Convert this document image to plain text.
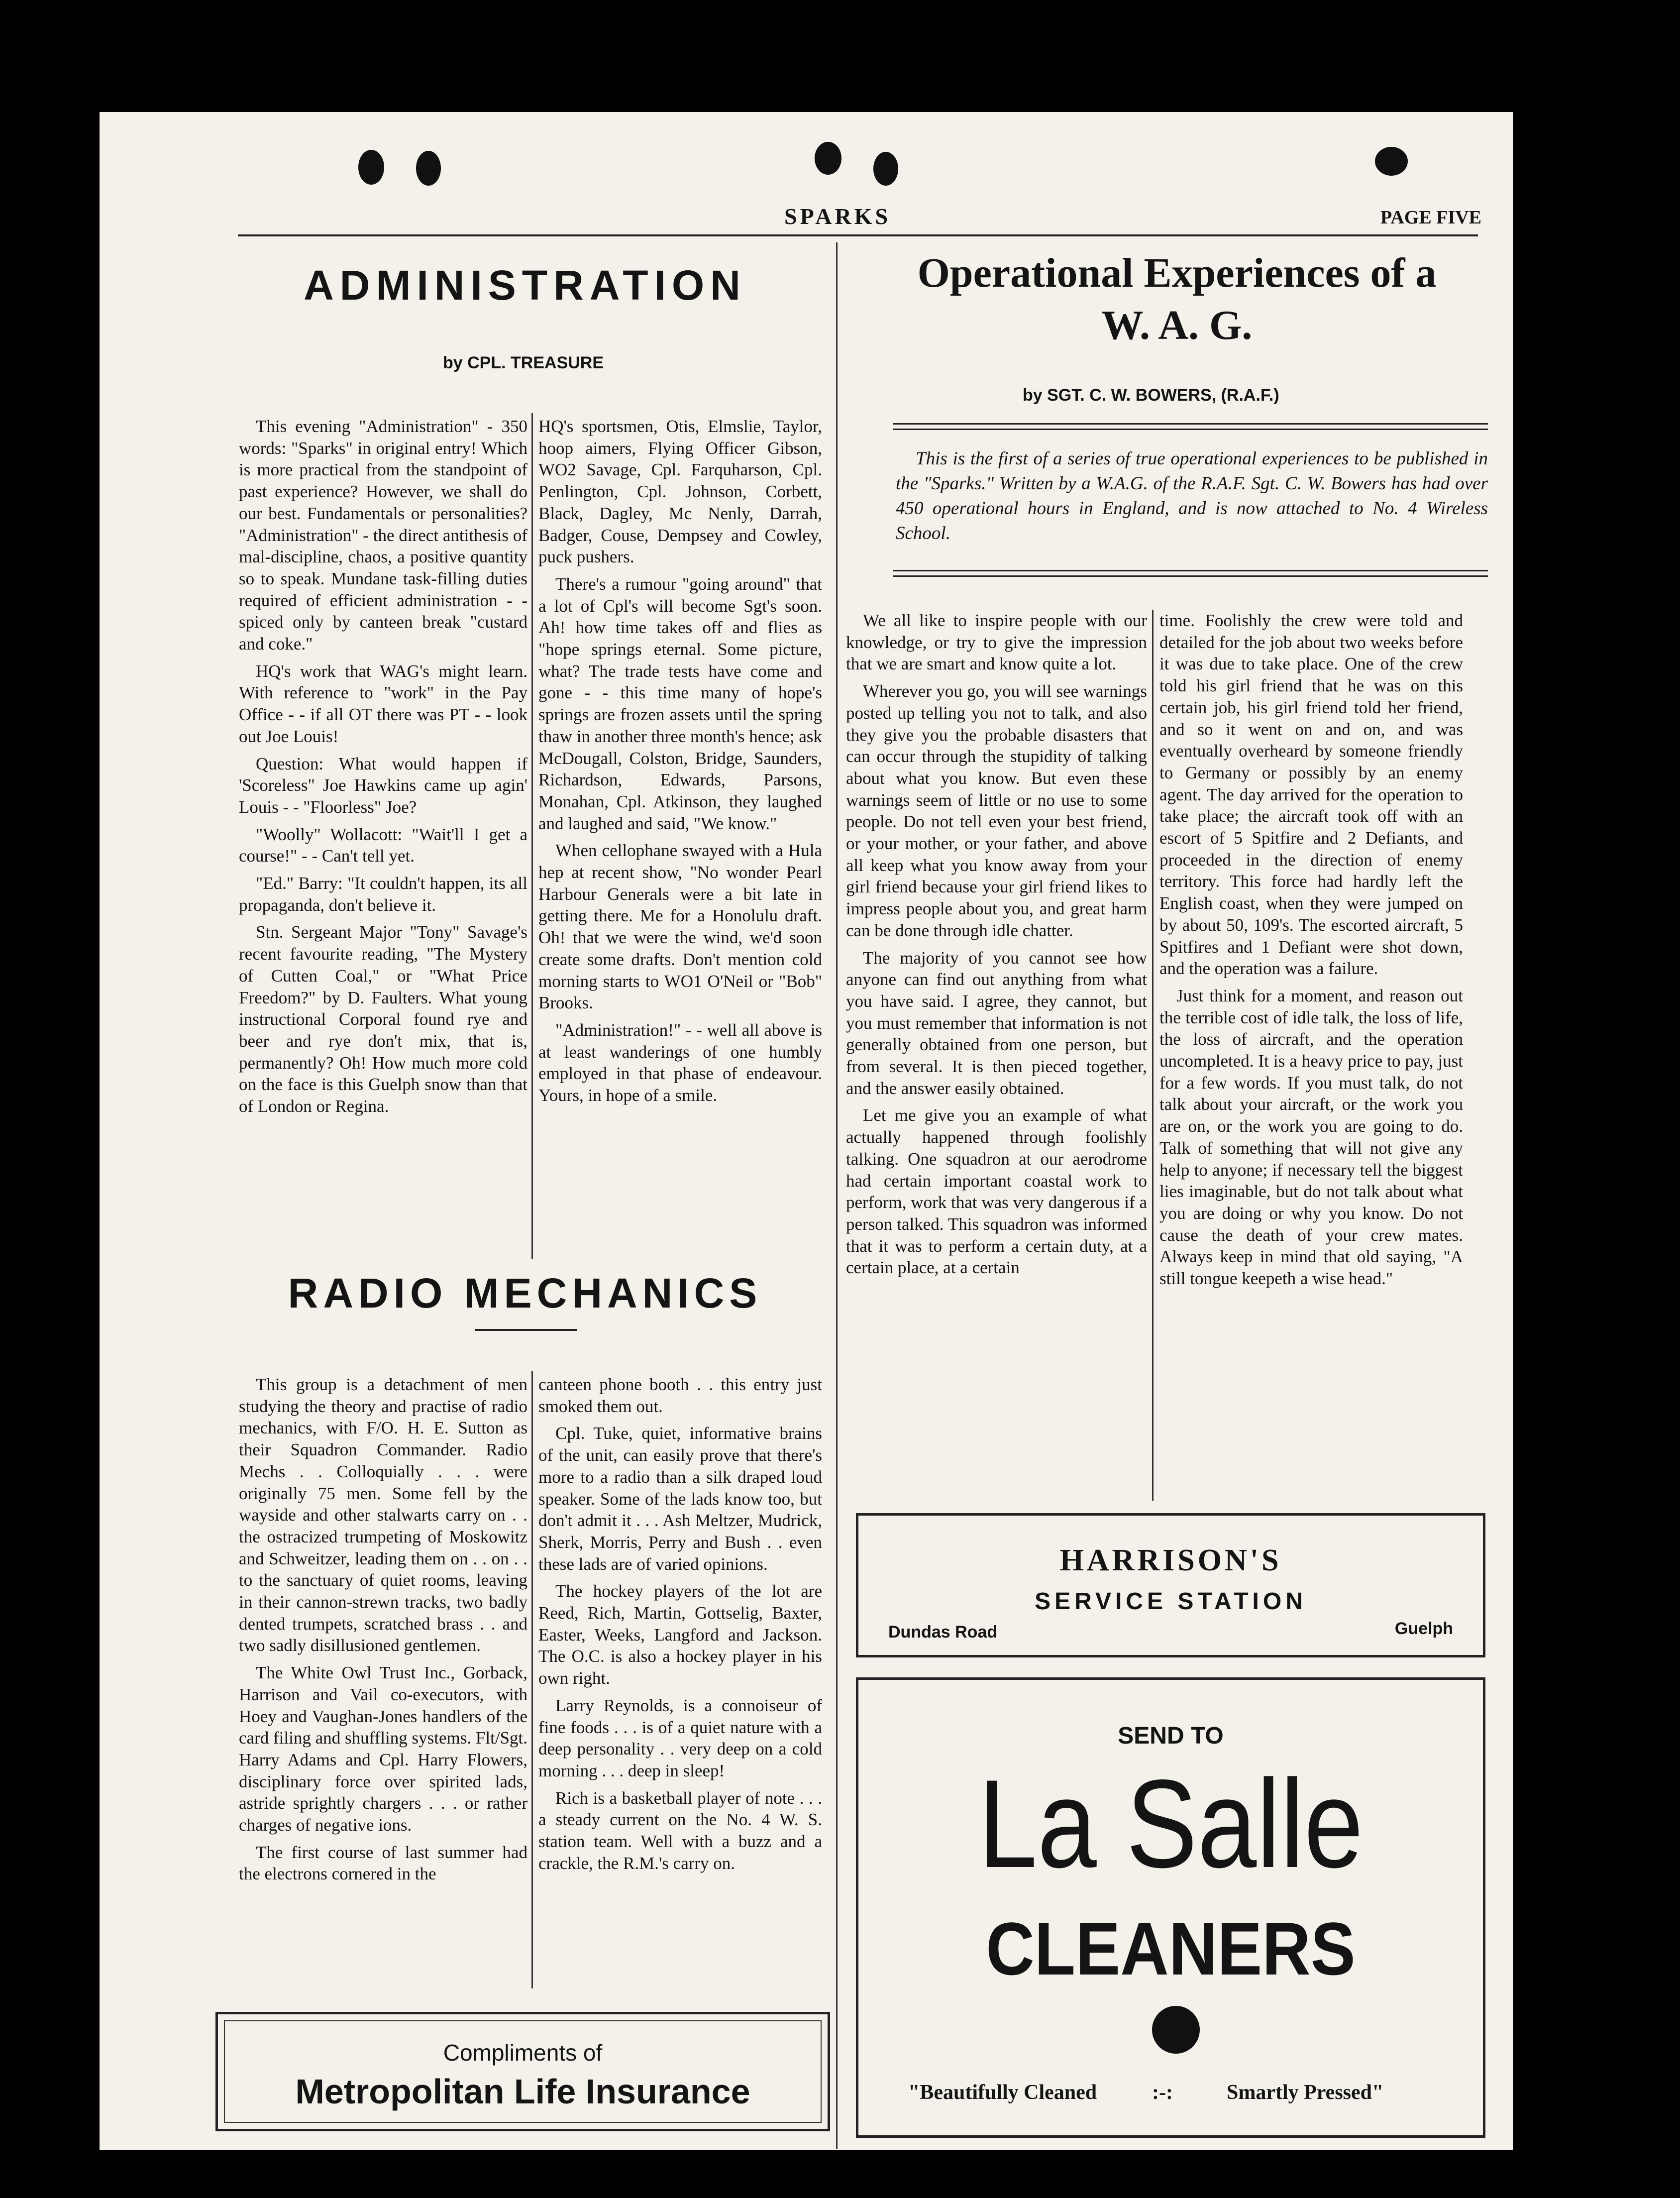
SPARKS	PAGE FIVE
ADMINISTRATION
by CPL. TREASURE

This evening "Administration" - 350 words: "Sparks" in original entry! Which is more practical from the standpoint of past experience? However, we shall do our best. Fundamentals or personalities? "Administration" - the direct antithesis of mal-discipline, chaos, a positive quantity so to speak. Mundane task-filling duties required of efficient administration - - spiced only by canteen break "custard and coke."

HQ's work that WAG's might learn. With reference to "work" in the Pay Office - - if all OT there was PT - - look out Joe Louis!

Question: What would happen if 'Scoreless" Joe Hawkins came up agin' Louis - - "Floorless" Joe?

"Woolly" Wollacott: "Wait'll I get a course!" - - Can't tell yet.

"Ed." Barry: "It couldn't happen, its all propaganda, don't believe it.

Stn. Sergeant Major "Tony" Savage's recent favourite reading, "The Mystery of Cutten Coal," or "What Price Freedom?" by D. Faulters. What young instructional Corporal found rye and beer and rye don't mix, that is, permanently? Oh! How much more cold on the face is this Guelph snow than that of London or Regina.

HQ's sportsmen, Otis, Elmslie, Taylor, hoop aimers, Flying Officer Gibson, WO2 Savage, Cpl. Farquharson, Cpl. Penlington, Cpl. Johnson, Corbett, Black, Dagley, Mc Nenly, Darrah, Badger, Couse, Dempsey and Cowley, puck pushers.

There's a rumour "going around" that a lot of Cpl's will become Sgt's soon. Ah! how time takes off and flies as "hope springs eternal. Some picture, what? The trade tests have come and gone - - this time many of hope's springs are frozen assets until the spring thaw in another three month's hence; ask McDougall, Colston, Bridge, Saunders, Richardson, Edwards, Parsons, Monahan, Cpl. Atkinson, they laughed and laughed and said, "We know."

When cellophane swayed with a Hula hep at recent show, "No wonder Pearl Harbour Generals were a bit late in getting there. Me for a Honolulu draft. Oh! that we were the wind, we'd soon create some drafts. Don't mention cold morning starts to WO1 O'Neil or "Bob" Brooks.

"Administration!" - - well all above is at least wanderings of one humbly employed in that phase of endeavour. Yours, in hope of a smile.

RADIO MECHANICS

This group is a detachment of men studying the theory and practise of radio mechanics, with F/O. H. E. Sutton as their Squadron Commander. Radio Mechs . . Colloquially . . . were originally 75 men. Some fell by the wayside and other stalwarts carry on . . the ostracized trumpeting of Moskowitz and Schweitzer, leading them on . . on . . to the sanctuary of quiet rooms, leaving in their cannon-strewn tracks, two badly dented trumpets, scratched brass . . and two sadly disillusioned gentlemen.

The White Owl Trust Inc., Gorback, Harrison and Vail co-executors, with Hoey and Vaughan-Jones handlers of the card filing and shuffling systems. Flt/Sgt. Harry Adams and Cpl. Harry Flowers, disciplinary force over spirited lads, astride sprightly chargers . . . or rather charges of negative ions.

The first course of last summer had the electrons cornered in the

canteen phone booth . . this entry just smoked them out.

Cpl. Tuke, quiet, informative brains of the unit, can easily prove that there's more to a radio than a silk draped loud speaker. Some of the lads know too, but don't admit it . . . Ash Meltzer, Mudrick, Sherk, Morris, Perry and Bush . . even these lads are of varied opinions.

The hockey players of the lot are Reed, Rich, Martin, Gottselig, Baxter, Easter, Weeks, Langford and Jackson. The O.C. is also a hockey player in his own right.

Larry Reynolds, is a connoiseur of fine foods . . . is of a quiet nature with a deep personality . . very deep on a cold morning . . . deep in sleep!

Rich is a basketball player of note . . . a steady current on the No. 4 W. S. station team. Well with a buzz and a crackle, the R.M.'s carry on.

Compliments of
Metropolitan Life Insurance
Operational Experiences of a
W. A. G.
by SGT. C. W. BOWERS, (R.A.F.)
This is the first of a series of true operational experiences to be published in the "Sparks." Written by a W.A.G. of the R.A.F. Sgt. C. W. Bowers has had over 450 operational hours in England, and is now attached to No. 4 Wireless School.

We all like to inspire people with our knowledge, or try to give the impression that we are smart and know quite a lot.

Wherever you go, you will see warnings posted up telling you not to talk, and also they give you the probable disasters that can occur through the stupidity of talking about what you know. But even these warnings seem of little or no use to some people. Do not tell even your best friend, or your mother, or your father, and above all keep what you know away from your girl friend because your girl friend likes to impress people about you, and great harm can be done through idle chatter.

The majority of you cannot see how anyone can find out anything from what you have said. I agree, they cannot, but you must remember that information is not generally obtained from one person, but from several. It is then pieced together, and the answer easily obtained.

Let me give you an example of what actually happened through foolishly talking. One squadron at our aerodrome had certain important coastal work to perform, work that was very dangerous if a person talked. This squadron was informed that it was to perform a certain duty, at a certain place, at a certain

time. Foolishly the crew were told and detailed for the job about two weeks before it was due to take place. One of the crew told his girl friend that he was on this certain job, his girl friend told her friend, and so it went on and on, and was eventually overheard by someone friendly to Germany or possibly by an enemy agent. The day arrived for the operation to take place; the aircraft took off with an escort of 5 Spitfire and 2 Defiants, and proceeded in the direction of enemy territory. This force had hardly left the English coast, when they were jumped on by about 50, 109's. The escorted aircraft, 5 Spitfires and 1 Defiant were shot down, and the operation was a failure.

Just think for a moment, and reason out the terrible cost of idle talk, the loss of life, the loss of aircraft, and the operation uncompleted. It is a heavy price to pay, just for a few words. If you must talk, do not talk about your aircraft, or the work you are on, or the work you are going to do. Talk of something that will not give any help to anyone; if necessary tell the biggest lies imaginable, but do not talk about what you are doing or why you know. Do not cause the death of your crew mates. Always keep in mind that old saying, "A still tongue keepeth a wise head."

HARRISON'S
SERVICE STATION
Dundas Road	Guelph
SEND TO
La Salle
CLEANERS
"Beautifully Cleaned	:-:	Smartly Pressed"
